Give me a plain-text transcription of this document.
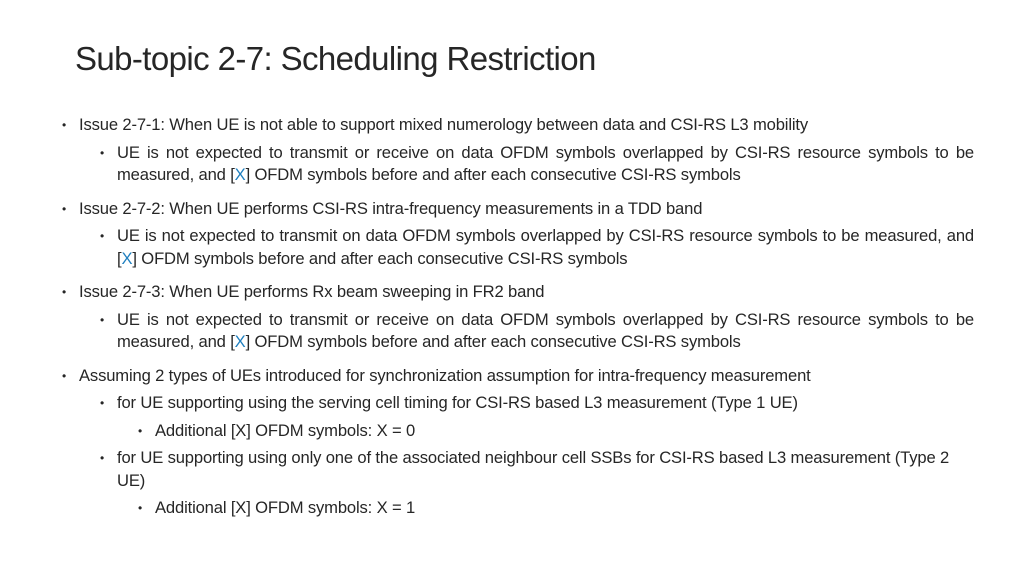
Sub-topic 2-7: Scheduling Restriction
• Issue 2-7-1: When UE is not able to support mixed numerology between data and CSI-RS L3 mobility
• UE is not expected to transmit or receive on data OFDM symbols overlapped by CSI-RS resource symbols to be measured, and [X] OFDM symbols before and after each consecutive CSI-RS symbols
• Issue 2-7-2: When UE performs CSI-RS intra-frequency measurements in a TDD band
• UE is not expected to transmit on data OFDM symbols overlapped by CSI-RS resource symbols to be measured, and [X] OFDM symbols before and after each consecutive CSI-RS symbols
• Issue 2-7-3: When UE performs Rx beam sweeping in FR2 band
• UE is not expected to transmit or receive on data OFDM symbols overlapped by CSI-RS resource symbols to be measured, and [X] OFDM symbols before and after each consecutive CSI-RS symbols
• Assuming 2 types of UEs introduced for synchronization assumption for intra-frequency measurement
• for UE supporting using the serving cell timing for CSI-RS based L3 measurement (Type 1 UE)
• Additional [X] OFDM symbols: X = 0
• for UE supporting using only one of the associated neighbour cell SSBs for CSI-RS based L3 measurement (Type 2 UE)
• Additional [X] OFDM symbols: X = 1
